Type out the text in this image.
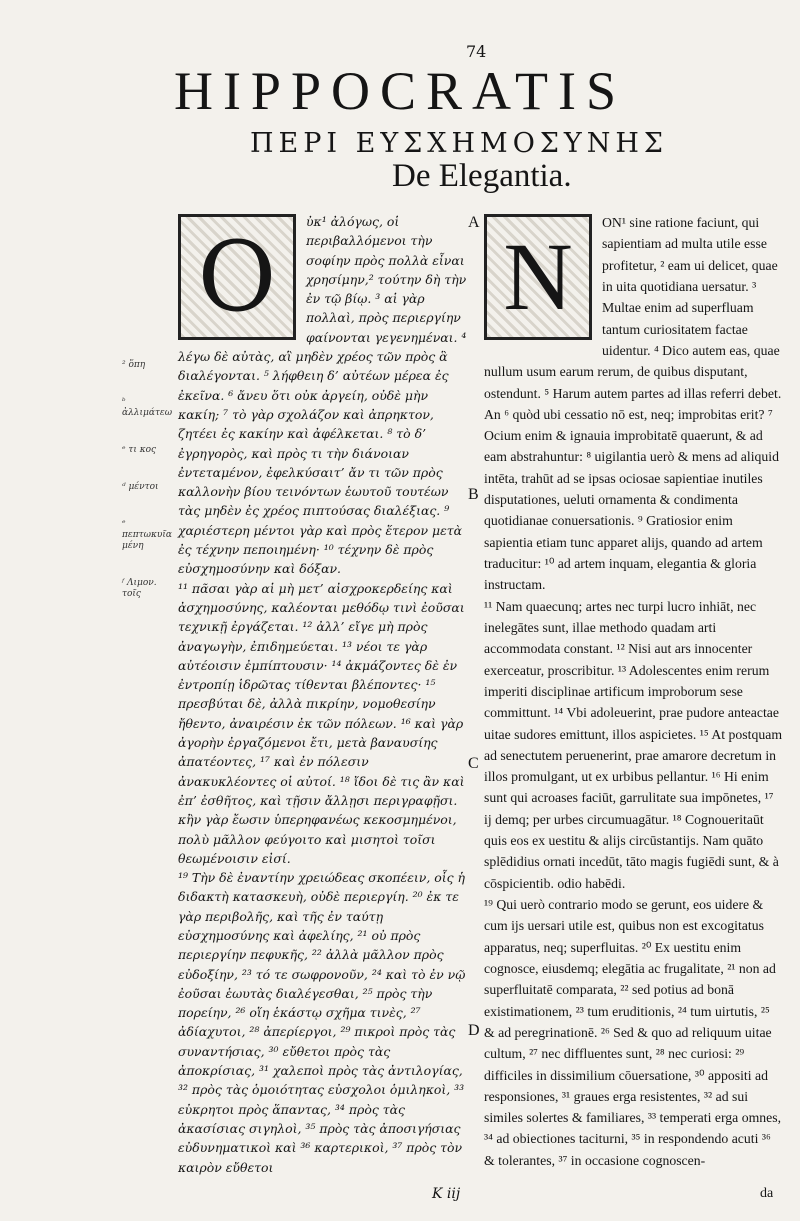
74
HIPPOCRATIS
ΠΕΡΙ ΕΥΣΧΗΜΟΣΥΝΗΣ
De Elegantia.
² ὅπη
ᵇ ἀλλιμάτεω
ᵉ τι κος
ᵈ μέντοι
ᵉ πεπτωκυῖα μένη
ᶠ Λιμον. τοῖς
O	ὐκ¹ ἀλόγως, οἱ περιβαλλόμενοι τὴν σοφίην πρὸς πολλὰ εἶναι χρησίμην,² τούτην δὴ τὴν ἐν τῷ βίῳ. ³ αἱ γὰρ πολλαὶ, πρὸς περιεργίην φαίνονται γεγενημέναι. ⁴ λέγω δὲ αὐτὰς, αἳ μηδὲν χρέος τῶν πρὸς ἃ διαλέγονται. ⁵ λήφθειη δ’ αὐτέων μέρεα ἐς ἐκεῖνα. ⁶ ἄνευ ὅτι οὐκ ἀργείη, οὐδὲ μὴν κακίη; ⁷ τὸ γὰρ σχολάζον καὶ ἀπρηκτον, ζητέει ἐς κακίην καὶ ἀφέλκεται. ⁸ τὸ δ’ ἐγρηγορὸς, καὶ πρὸς τι τὴν διάνοιαν ἐντεταμένον, ἐφελκύσαιτ’ ἄν τι τῶν πρὸς καλλονὴν βίου τεινόντων ἑωυτοῦ τουτέων τὰς μηδὲν ἐς χρέος πιπτούσας διαλέξιας. ⁹ χαριέστερη μέντοι γὰρ καὶ πρὸς ἕτερον μετὰ ἐς τέχνην πεποιημένη· ¹⁰ τέχνην δὲ πρὸς εὐσχημοσύνην καὶ δόξαν.

¹¹ πᾶσαι γὰρ αἱ μὴ μετ’ αἰσχροκερδείης καὶ ἀσχημοσύνης, καλέονται μεθόδῳ τινὶ ἐοῦσαι τεχνικῇ ἐργάζεται. ¹² ἀλλ’ εἴγε μὴ πρὸς ἀναγωγὴν, ἐπιδημεύεται. ¹³ νέοι τε γὰρ αὐτέοισιν ἐμπίπτουσιν· ¹⁴ ἀκμάζοντες δὲ ἐν ἐντροπίῃ ἱδρῶτας τίθενται βλέποντες· ¹⁵ πρεσβύται δὲ, ἀλλὰ πικρίην, νομοθεσίην ἤθεντο, ἀναιρέσιν ἐκ τῶν πόλεων. ¹⁶ καὶ γὰρ ἀγορὴν ἐργαζόμενοι ἔτι, μετὰ βαναυσίης ἀπατέοντες, ¹⁷ καὶ ἐν πόλεσιν ἀνακυκλέοντες οἱ αὐτοί. ¹⁸ ἴδοι δὲ τις ἂν καὶ ἐπ’ ἐσθῆτος, καὶ τῇσιν ἄλλῃσι περιγραφῇσι. κἢν γὰρ ἔωσιν ὑπερηφανέως κεκοσμημένοι, πολὺ μᾶλλον φεύγοιτο καὶ μισητοὶ τοῖσι θεωμένοισιν εἰσί.

¹⁹ Τὴν δὲ ἐναντίην χρειώδεας σκοπέειν, οἷς ἡ διδακτὴ κατασκευὴ, οὐδὲ περιεργίη. ²⁰ ἐκ τε γὰρ περιβολῆς, καὶ τῆς ἐν ταύτῃ εὐσχημοσύνης καὶ ἀφελίης, ²¹ οὐ πρὸς περιεργίην πεφυκῆς, ²² ἀλλὰ μᾶλλον πρὸς εὐδοξίην, ²³ τό τε σωφρονοῦν, ²⁴ καὶ τὸ ἐν νῷ ἐοῦσαι ἑωυτὰς διαλέγεσθαι, ²⁵ πρὸς τὴν πορείην, ²⁶ οἵη ἑκάστῳ σχῆμα τινὲς, ²⁷ ἀδίαχυτοι, ²⁸ ἀπερίεργοι, ²⁹ πικροὶ πρὸς τὰς συναντήσιας, ³⁰ εὔθετοι πρὸς τὰς ἀποκρίσιας, ³¹ χαλεποὶ πρὸς τὰς ἀντιλογίας, ³² πρὸς τὰς ὁμοιότητας εὐσχολοι ὁμιληκοὶ, ³³ εὐκρητοι πρὸς ἅπαντας, ³⁴ πρὸς τὰς ἀκασίσιας σιγηλοὶ, ³⁵ πρὸς τὰς ἀποσιγήσιας εὐδυνηματικοὶ καὶ ³⁶ καρτερικοὶ, ³⁷ πρὸς τὸν καιρὸν εὔθετοι

A
B
C
D
N

ON¹ sine ratione faciunt, qui sapientiam ad multa utile esse profitetur, ² eam ui delicet, quae in uita quotidiana uersatur. ³ Multae enim ad superfluam tantum curiositatem factae uidentur. ⁴ Dico autem eas, quae nullum usum earum rerum, de quibus disputant, ostendunt. ⁵ Harum autem partes ad illas referri debet. An ⁶ quòd ubi cessatio nō est, neq; improbitas erit? ⁷ Ocium enim & ignauia improbitatē quaerunt, & ad eam abstrahuntur: ⁸ uigilantia uerò & mens ad aliquid intēta, trahūt ad se ipsas ociosae sapientiae inutiles disputationes, ueluti ornamenta & condimenta quotidianae conuersationis. ⁹ Gratiosior enim sapientia etiam tunc apparet alijs, quando ad artem traducitur: ¹⁰ ad artem inquam, elegantia & gloria instructam.

¹¹ Nam quaecunq; artes nec turpi lucro inhiāt, nec inelegātes sunt, illae methodo quadam arti accommodata constant. ¹² Nisi aut ars innocenter exerceatur, proscribitur. ¹³ Adolescentes enim rerum imperiti disciplinae artificum improborum sese committunt. ¹⁴ Vbi adoleuerint, prae pudore anteactae uitae sudores emittunt, illos aspicietes. ¹⁵ At postquam ad senectutem peruenerint, prae amarore decretum in illos promulgant, ut ex urbibus pellantur. ¹⁶ Hi enim sunt qui acroases faciūt, garrulitate sua impōnetes, ¹⁷ ij demq; per urbes circumuagātur. ¹⁸ Cognoueritaūt quis eos ex uestitu & alijs circūstantijs. Nam quāto splēdidius ornati incedūt, tāto magis fugiēdi sunt, & à cōspicientib. odio habēdi.

¹⁹ Qui uerò contrario modo se gerunt, eos uidere & cum ijs uersari utile est, quibus non est excogitatus apparatus, neq; superfluitas. ²⁰ Ex uestitu enim cognosce, eiusdemq; elegātia ac frugalitate, ²¹ non ad superfluitatē comparata, ²² sed potius ad bonā existimationem, ²³ tum eruditionis, ²⁴ tum uirtutis, ²⁵ & ad peregrinationē. ²⁶ Sed & quo ad reliquum uitae cultum, ²⁷ nec diffluentes sunt, ²⁸ nec curiosi: ²⁹ difficiles in dissimilium cōuersatione, ³⁰ appositi ad responsiones, ³¹ graues erga resistentes, ³² ad sui similes solertes & familiares, ³³ temperati erga omnes, ³⁴ ad obiectiones taciturni, ³⁵ in respondendo acuti ³⁶ & tolerantes, ³⁷ in occasione cognoscen-

K iij	da
